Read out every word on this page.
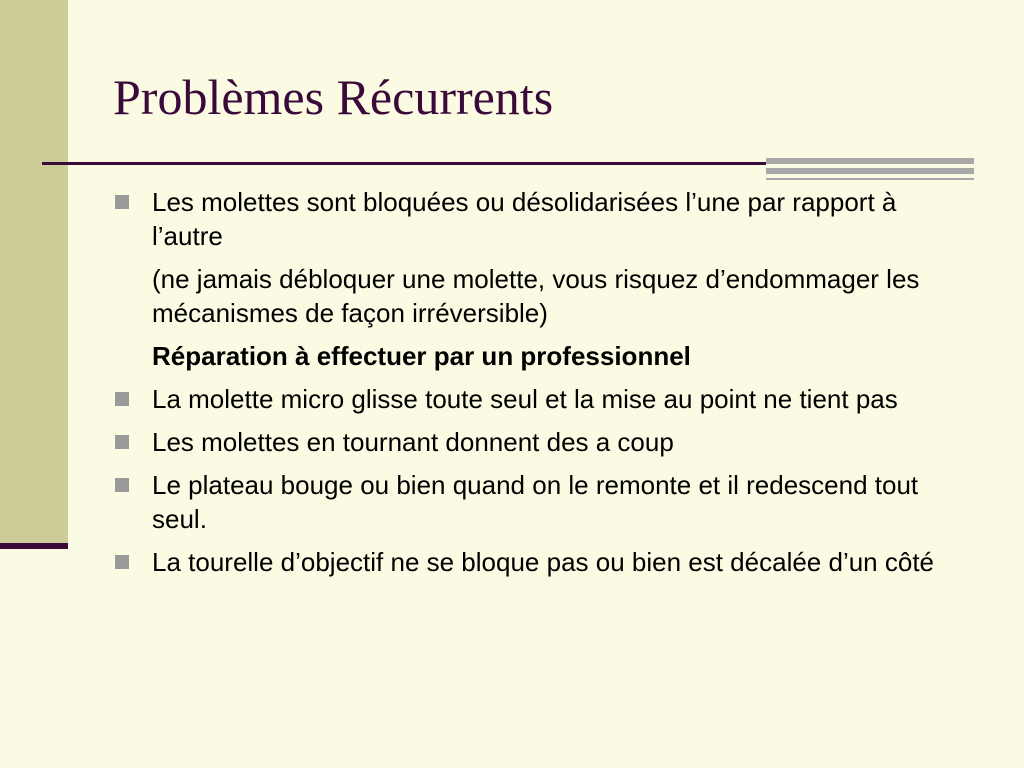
Problèmes Récurrents
Les molettes sont bloquées ou désolidarisées l’une par rapport à l’autre
(ne jamais débloquer une molette, vous risquez d’endommager les mécanismes de façon irréversible)
Réparation à effectuer par un professionnel
La molette micro glisse toute seul et la mise au point ne tient pas
Les molettes en tournant donnent des a coup
Le plateau bouge ou bien quand on le remonte et il redescend tout seul.
La tourelle d’objectif ne se bloque pas ou bien est décalée d’un côté
